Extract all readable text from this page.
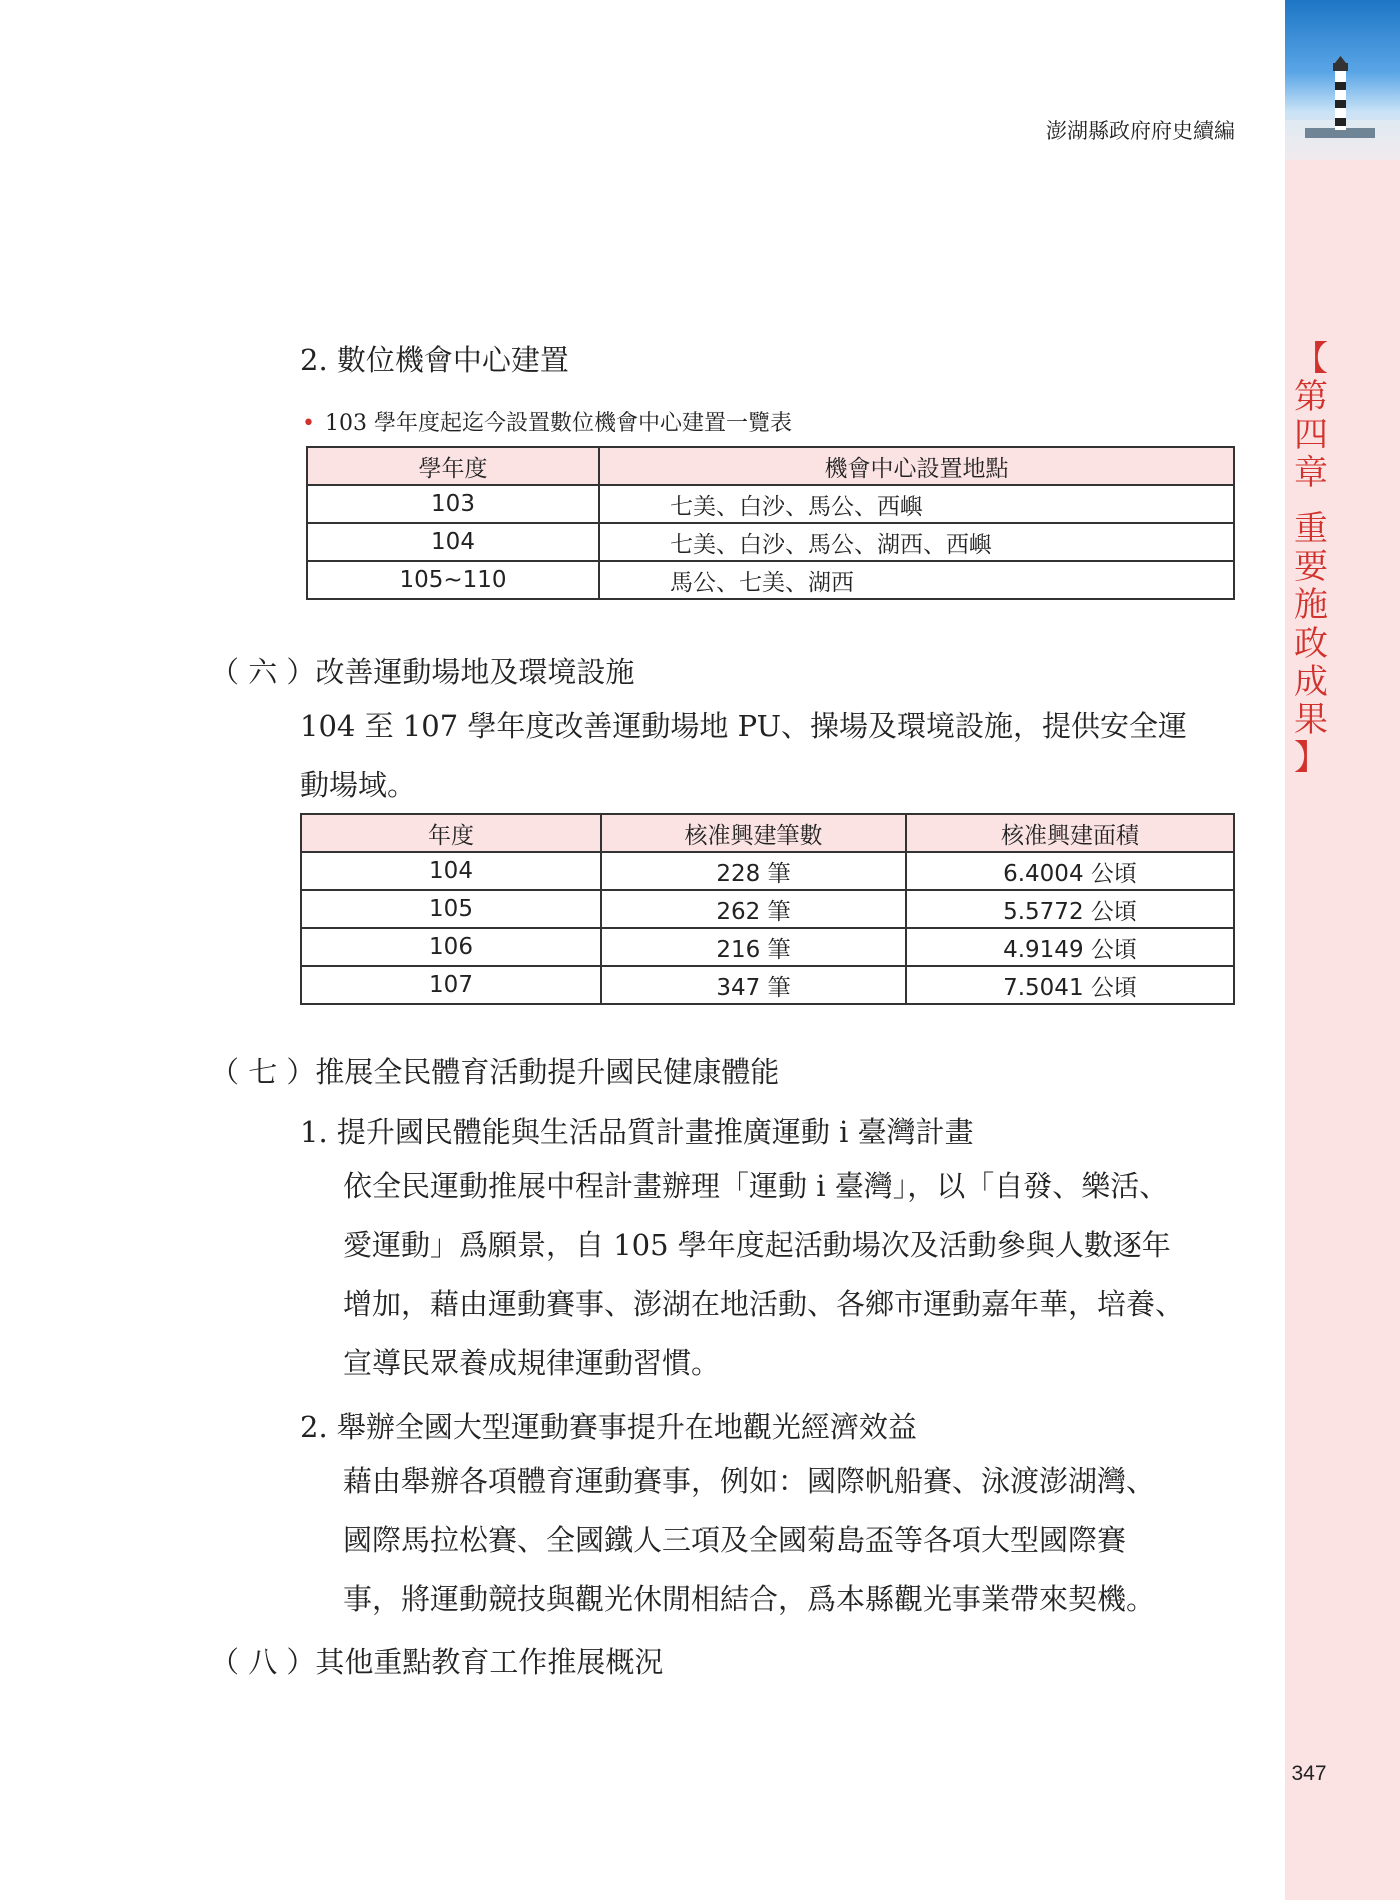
【
第
四
章
重
要
施
政
成
果
】
347
澎湖縣政府府史續編
2. 數位機會中心建置
• 103 學年度起迄今設置數位機會中心建置一覽表
學年度	機會中心設置地點
103	七美、白沙、馬公、西嶼
104	七美、白沙、馬公、湖西、西嶼
105~110	馬公、七美、湖西
（ 六 ）改善運動場地及環境設施
104 至 107 學年度改善運動場地 PU、操場及環境設施，提供安全運
動場域。
年度	核准興建筆數	核准興建面積
104	228 筆	6.4004 公頃
105	262 筆	5.5772 公頃
106	216 筆	4.9149 公頃
107	347 筆	7.5041 公頃
（ 七 ）推展全民體育活動提升國民健康體能
1. 提升國民體能與生活品質計畫推廣運動 i 臺灣計畫
依全民運動推展中程計畫辦理「運動 i 臺灣」，以「自發、樂活、
愛運動」爲願景，自 105 學年度起活動場次及活動參與人數逐年
增加，藉由運動賽事、澎湖在地活動、各鄉市運動嘉年華，培養、
宣導民眾養成規律運動習慣。
2. 舉辦全國大型運動賽事提升在地觀光經濟效益
藉由舉辦各項體育運動賽事，例如：國際帆船賽、泳渡澎湖灣、
國際馬拉松賽、全國鐵人三項及全國菊島盃等各項大型國際賽
事，將運動競技與觀光休閒相結合，爲本縣觀光事業帶來契機。
（ 八 ）其他重點教育工作推展概況
